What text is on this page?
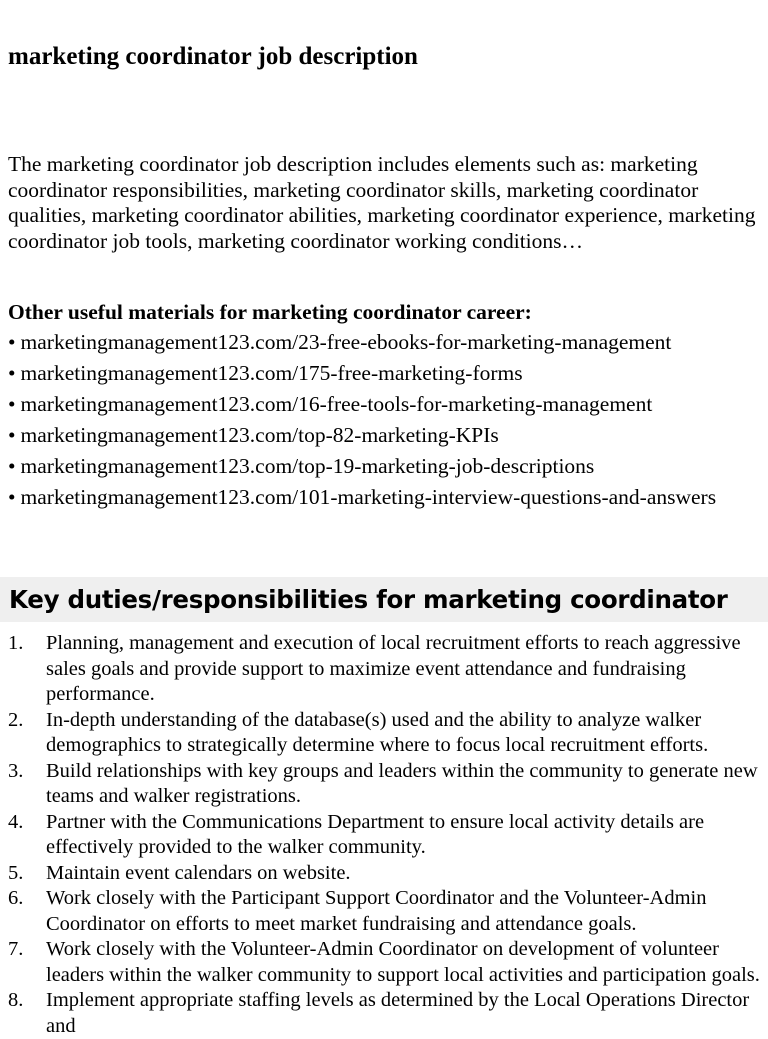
marketing coordinator job description

The marketing coordinator job description includes elements such as: marketing coordinator responsibilities, marketing coordinator skills, marketing coordinator qualities, marketing coordinator abilities, marketing coordinator experience, marketing coordinator job tools, marketing coordinator working conditions…

Other useful materials for marketing coordinator career:

• marketingmanagement123.com/23-free-ebooks-for-marketing-management
• marketingmanagement123.com/175-free-marketing-forms
• marketingmanagement123.com/16-free-tools-for-marketing-management
• marketingmanagement123.com/top-82-marketing-KPIs
• marketingmanagement123.com/top-19-marketing-job-descriptions
• marketingmanagement123.com/101-marketing-interview-questions-and-answers
Key duties/responsibilities for marketing coordinator
1. Planning, management and execution of local recruitment efforts to reach aggressive sales goals and provide support to maximize event attendance and fundraising performance.
2. In-depth understanding of the database(s) used and the ability to analyze walker demographics to strategically determine where to focus local recruitment efforts.
3. Build relationships with key groups and leaders within the community to generate new teams and walker registrations.
4. Partner with the Communications Department to ensure local activity details are effectively provided to the walker community.
5. Maintain event calendars on website.
6. Work closely with the Participant Support Coordinator and the Volunteer-Admin Coordinator on efforts to meet market fundraising and attendance goals.
7. Work closely with the Volunteer-Admin Coordinator on development of volunteer leaders within the walker community to support local activities and participation goals.
8. Implement appropriate staffing levels as determined by the Local Operations Director and
